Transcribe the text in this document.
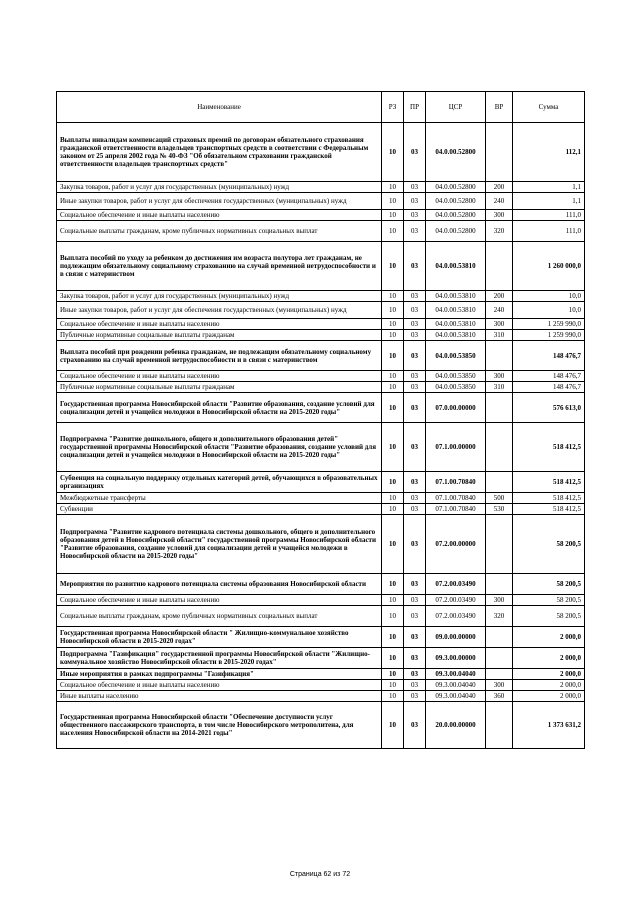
Наименование	РЗ	ПР	ЦСР	ВР	Сумма
Выплаты инвалидам компенсаций страховых премий по договорам обязательного страхования гражданской ответственности владельцев транспортных средств в соответствии с Федеральным законом от 25 апреля 2002 года № 40-ФЗ "Об обязательном страховании гражданской ответственности владельцев транспортных средств"	10	03	04.0.00.52800		112,1
Закупка товаров, работ и услуг для государственных (муниципальных) нужд	10	03	04.0.00.52800	200	1,1
Иные закупки товаров, работ и услуг для обеспечения государственных (муниципальных) нужд	10	03	04.0.00.52800	240	1,1
Социальное обеспечение и иные выплаты населению	10	03	04.0.00.52800	300	111,0
Социальные выплаты гражданам, кроме публичных нормативных социальных выплат	10	03	04.0.00.52800	320	111,0
Выплата пособий по уходу за ребенком до достижения им возраста полутора лет гражданам, не подлежащим обязательному социальному страхованию на случай временной нетрудоспособности и в связи с материнством	10	03	04.0.00.53810		1 260 000,0
Закупка товаров, работ и услуг для государственных (муниципальных) нужд	10	03	04.0.00.53810	200	10,0
Иные закупки товаров, работ и услуг для обеспечения государственных (муниципальных) нужд	10	03	04.0.00.53810	240	10,0
Социальное обеспечение и иные выплаты населению	10	03	04.0.00.53810	300	1 259 990,0
Публичные нормативные социальные выплаты гражданам	10	03	04.0.00.53810	310	1 259 990,0
Выплата пособий при рождении ребенка гражданам, не подлежащим обязательному социальному страхованию на случай временной нетрудоспособности и в связи с материнством	10	03	04.0.00.53850		148 476,7
Социальное обеспечение и иные выплаты населению	10	03	04.0.00.53850	300	148 476,7
Публичные нормативные социальные выплаты гражданам	10	03	04.0.00.53850	310	148 476,7
Государственная программа Новосибирской области "Развитие образования, создание условий для социализации детей и учащейся молодежи в Новосибирской области на 2015-2020 годы"	10	03	07.0.00.00000		576 613,0
Подпрограмма "Развитие дошкольного, общего и дополнительного образования детей" государственной программы Новосибирской области "Развитие образования, создание условий для социализации детей и учащейся молодежи в Новосибирской области на 2015-2020 годы"	10	03	07.1.00.00000		518 412,5
Субвенция на социальную поддержку отдельных категорий детей, обучающихся в образовательных организациях	10	03	07.1.00.70840		518 412,5
Межбюджетные трансферты	10	03	07.1.00.70840	500	518 412,5
Субвенции	10	03	07.1.00.70840	530	518 412,5
Подпрограмма "Развитие кадрового потенциала системы дошкольного, общего и дополнительного образования детей в Новосибирской области" государственной программы Новосибирской области "Развитие образования, создание условий для социализации детей и учащейся молодежи в Новосибирской области на 2015-2020 годы"	10	03	07.2.00.00000		58 200,5
Мероприятия по развитию кадрового потенциала системы образования Новосибирской области	10	03	07.2.00.03490		58 200,5
Социальное обеспечение и иные выплаты населению	10	03	07.2.00.03490	300	58 200,5
Социальные выплаты гражданам, кроме публичных нормативных социальных выплат	10	03	07.2.00.03490	320	58 200,5
Государственная программа Новосибирской области " Жилищно-коммунальное хозяйство Новосибирской области в 2015-2020 годах"	10	03	09.0.00.00000		2 000,0
Подпрограмма "Газификация" государственной программы Новосибирской области "Жилищно-коммунальное хозяйство Новосибирской области в 2015-2020 годах"	10	03	09.3.00.00000		2 000,0
Иные мероприятия в рамках подпрограммы "Газификация"	10	03	09.3.00.04040		2 000,0
Социальное обеспечение и иные выплаты населению	10	03	09.3.00.04040	300	2 000,0
Иные выплаты населению	10	03	09.3.00.04040	360	2 000,0
Государственная программа Новосибирской области "Обеспечение доступности услуг общественного пассажирского транспорта, в том числе Новосибирского метрополитена, для населения Новосибирской области на 2014-2021 годы"	10	03	20.0.00.00000		1 373 631,2
Страница 62 из 72
